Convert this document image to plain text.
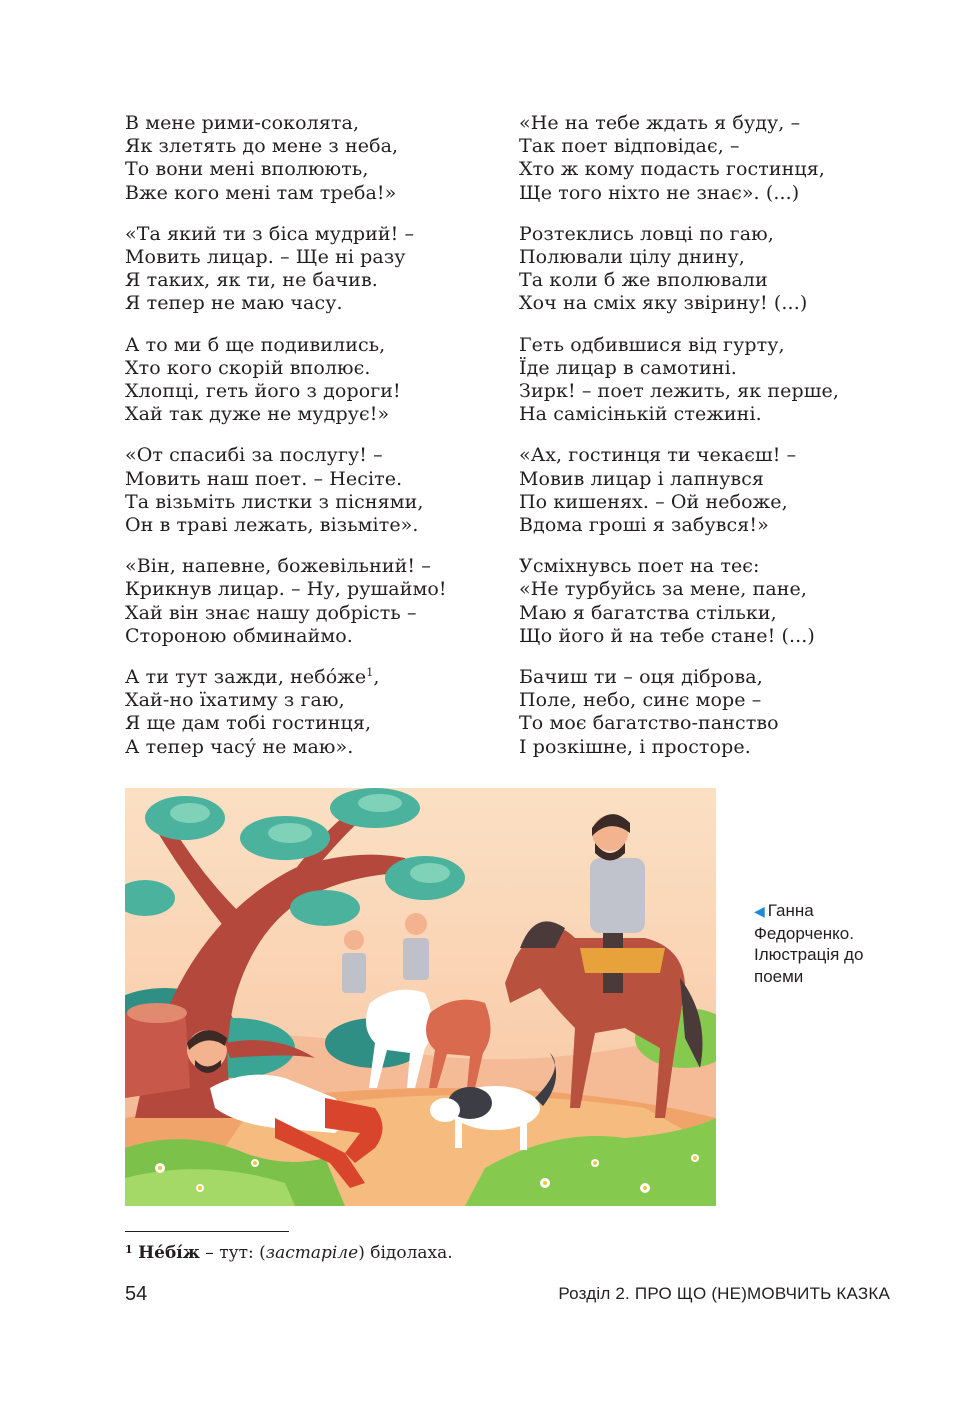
В мене рими-соколята,
Як злетять до мене з неба,
То вони мені вполюють,
Вже кого мені там треба!»
«Та який ти з біса мудрий! –
Мовить лицар. – Ще ні разу
Я таких, як ти, не бачив.
Я тепер не маю часу.
А то ми б ще подивились,
Хто кого скорій вполює.
Хлопці, геть його з дороги!
Хай так дуже не мудрує!»
«От спасибі за послугу! –
Мовить наш поет. – Несіте.
Та візьміть листки з піснями,
Он в траві лежать, візьміте».
«Він, напевне, божевільний! –
Крикнув лицар. – Ну, рушаймо!
Хай він знає нашу добрість –
Стороною обминаймо.
А ти тут зажди, $небо́же^1$,
Хай-но їхатиму з гаю,
Я ще дам тобі гостинця,
А тепер часу́ не маю».
«Не на тебе ждать я буду, –
Так поет відповідає, –
Хто ж кому подасть гостинця,
Ще того ніхто не знає». (...)
Розтеклись ловці по гаю,
Полювали цілу днину,
Та коли б же вполювали
Хоч на сміх яку звірину! (...)
Геть одбившися від гурту,
Їде лицар в самотині.
Зирк! – поет лежить, як перше,
На самісінькій стежині.
«Ах, гостинця ти чекаєш! –
Мовив лицар і лапнувся
По кишенях. – Ой небоже,
Вдома гроші я забувся!»
Усміхнувсь поет на теє:
«Не турбуйсь за мене, пане,
Маю я багатства стільки,
Що його й на тебе стане! (...)
Бачиш ти – оця діброва,
Поле, небо, синє море –
То моє багатство-панство
І розкішне, і просторе.
◀ Ганна
Федорченко.
Ілюстрація до
поеми
$^1$ Не́бі́ж – тут: (застаріле) бідолаха.
54	Розділ 2. ПРО ЩО (НЕ)МОВЧИТЬ КАЗКА
